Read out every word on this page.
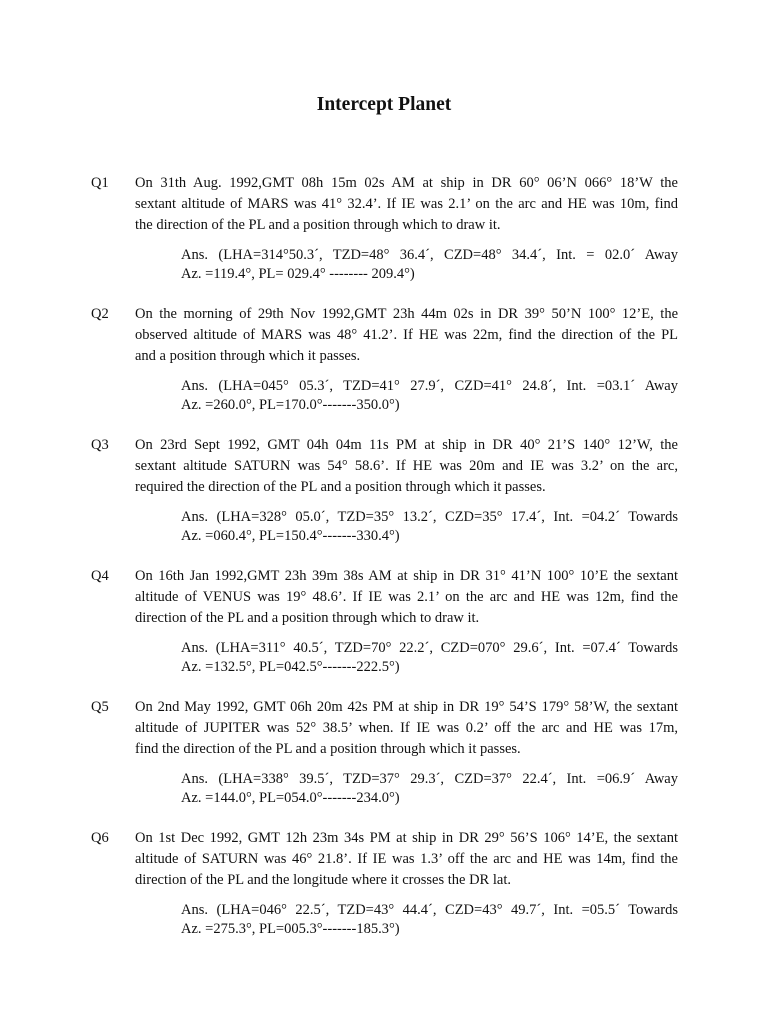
Intercept Planet
Q1 On 31th Aug. 1992,GMT 08h 15m 02s AM at ship in DR 60° 06’N 066° 18’W the
sextant altitude of MARS was 41° 32.4’. If IE was 2.1’ on the arc and HE was 10m, find
the direction of the PL and a position through which to draw it.
Ans. (LHA=314°50.3´, TZD=48° 36.4´, CZD=48° 34.4´, Int. = 02.0´ Away
Az. =119.4°, PL= 029.4° -------- 209.4°)
Q2 On the morning of 29th Nov 1992,GMT 23h 44m 02s in DR 39° 50’N 100° 12’E, the
observed altitude of MARS was 48° 41.2’. If HE was 22m, find the direction of the PL
and a position through which it passes.
Ans. (LHA=045° 05.3´, TZD=41° 27.9´, CZD=41° 24.8´, Int. =03.1´ Away
Az. =260.0°, PL=170.0°-------350.0°)
Q3 On 23rd Sept 1992, GMT 04h 04m 11s PM at ship in DR 40° 21’S 140° 12’W, the
sextant altitude SATURN was 54° 58.6’. If HE was 20m and IE was 3.2’ on the arc,
required the direction of the PL and a position through which it passes.
Ans. (LHA=328° 05.0´, TZD=35° 13.2´, CZD=35° 17.4´, Int. =04.2´ Towards
Az. =060.4°, PL=150.4°-------330.4°)
Q4 On 16th Jan 1992,GMT 23h 39m 38s AM at ship in DR 31° 41’N 100° 10’E the sextant
altitude of VENUS was 19° 48.6’. If IE was 2.1’ on the arc and HE was 12m, find the
direction of the PL and a position through which to draw it.
Ans. (LHA=311° 40.5´, TZD=70° 22.2´, CZD=070° 29.6´, Int. =07.4´ Towards
Az. =132.5°, PL=042.5°-------222.5°)
Q5 On 2nd May 1992, GMT 06h 20m 42s PM at ship in DR 19° 54’S 179° 58’W, the sextant
altitude of JUPITER was 52° 38.5’ when. If IE was 0.2’ off the arc and HE was 17m,
find the direction of the PL and a position through which it passes.
Ans. (LHA=338° 39.5´, TZD=37° 29.3´, CZD=37° 22.4´, Int. =06.9´ Away
Az. =144.0°, PL=054.0°-------234.0°)
Q6 On 1st Dec 1992, GMT 12h 23m 34s PM at ship in DR 29° 56’S 106° 14’E, the sextant
altitude of SATURN was 46° 21.8’. If IE was 1.3’ off the arc and HE was 14m, find the
direction of the PL and the longitude where it crosses the DR lat.
Ans. (LHA=046° 22.5´, TZD=43° 44.4´, CZD=43° 49.7´, Int. =05.5´ Towards
Az. =275.3°, PL=005.3°-------185.3°)
